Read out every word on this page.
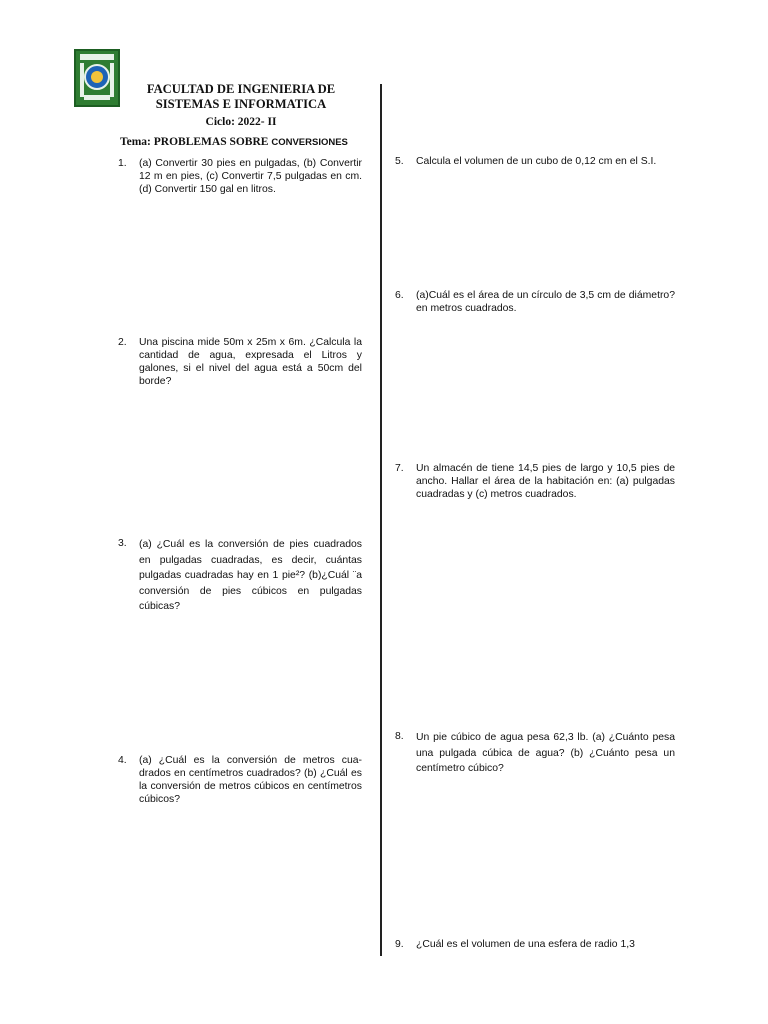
FACULTAD DE INGENIERIA DE
SISTEMAS E INFORMATICA
Ciclo: 2022- II
Tema: PROBLEMAS SOBRE CONVERSIONES
1. (a) Convertir 30 pies en pulgadas, (b) Convertir 12 m en pies, (c) Convertir 7,5 pulgadas en cm. (d) Convertir 150 gal en litros.
2. Una piscina mide 50m x 25m x 6m. ¿Calcula la cantidad de agua, expresada el Litros y galones, si el nivel del agua está a 50cm del borde?
3. (a) ¿Cuál es la conversión de pies cuadrados en pulgadas cuadradas, es decir, cuántas pulgadas cuadradas hay en 1 pie²? (b)¿Cuál ¨a conversión de pies cúbicos en pulgadas cúbicas?
4. (a) ¿Cuál es la conversión de metros cua-drados en centímetros cuadrados? (b) ¿Cuál es la conversión de metros cúbicos en centímetros cúbicos?
5. Calcula el volumen de un cubo de 0,12 cm en el S.I.
6. (a)Cuál es el área de un círculo de 3,5 cm de diámetro? en metros cuadrados.
7. Un almacén de tiene 14,5 pies de largo y 10,5 pies de ancho. Hallar el área de la habitación en: (a) pulgadas cuadradas y (c) metros cuadrados.
8. Un pie cúbico de agua pesa 62,3 lb. (a) ¿Cuánto pesa una pulgada cúbica de agua? (b) ¿Cuánto pesa un centímetro cúbico?
9. ¿Cuál es el volumen de una esfera de radio 1,3
